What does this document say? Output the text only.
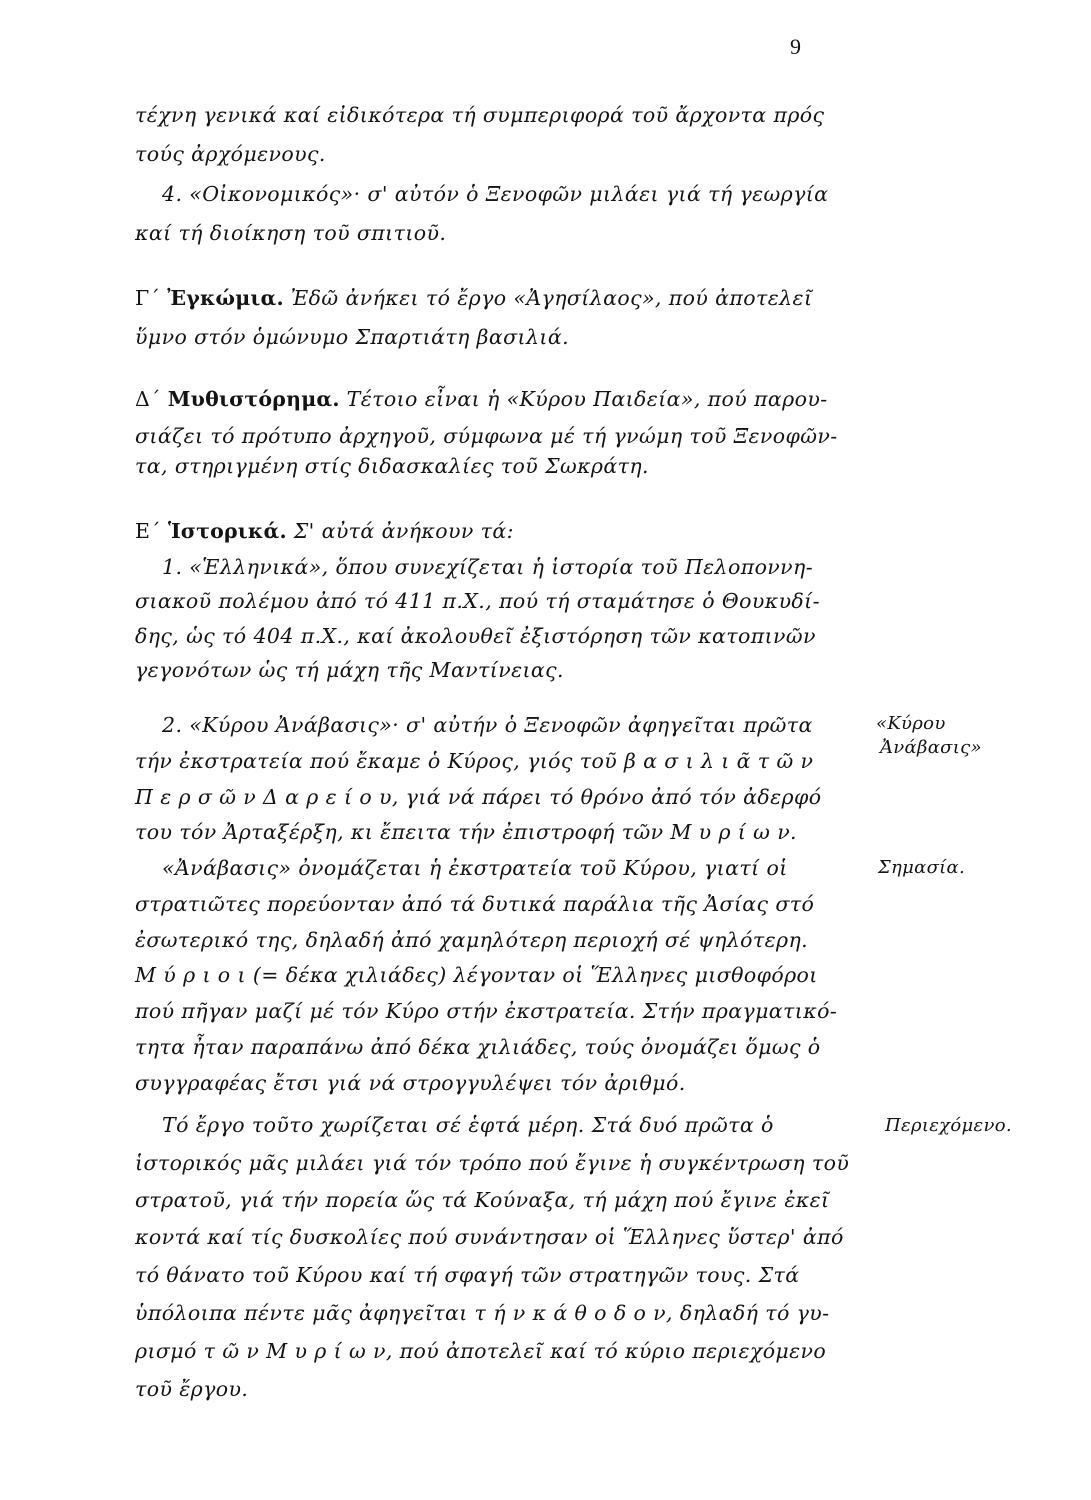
9
τέχνη γενικά καί εἰδικότερα τή συμπεριφορά τοῦ ἄρχοντα πρός
τούς ἀρχόμενους.
4. «Οἰκονομικός»· σ' αὐτόν ὁ Ξενοφῶν μιλάει γιά τή γεωργία
καί τή διοίκηση τοῦ σπιτιοῦ.
Γ΄ Ἐγκώμια. Ἐδῶ ἀνήκει τό ἔργο «Ἀγησίλαος», πού ἀποτελεῖ
ὕμνο στόν ὁμώνυμο Σπαρτιάτη βασιλιά.
Δ΄ Μυθιστόρημα. Τέτοιο εἶναι ἡ «Κύρου Παιδεία», πού παρου-
σιάζει τό πρότυπο ἀρχηγοῦ, σύμφωνα μέ τή γνώμη τοῦ Ξενοφῶν-
τα, στηριγμένη στίς διδασκαλίες τοῦ Σωκράτη.
Ε΄ Ἱστορικά. Σ' αὐτά ἀνήκουν τά:
1. «Ἑλληνικά», ὅπου συνεχίζεται ἡ ἱστορία τοῦ Πελοποννη-
σιακοῦ πολέμου ἀπό τό 411 π.Χ., πού τή σταμάτησε ὁ Θουκυδί-
δης, ὡς τό 404 π.Χ., καί ἀκολουθεῖ ἐξιστόρηση τῶν κατοπινῶν
γεγονότων ὡς τή μάχη τῆς Μαντίνειας.
2. «Κύρου Ἀνάβασις»· σ' αὐτήν ὁ Ξενοφῶν ἀφηγεῖται πρῶτα
τήν ἐκστρατεία πού ἔκαμε ὁ Κύρος, γιός τοῦ β α σ ι λ ι ᾶ τ ῶ ν
Π ε ρ σ ῶ ν Δ α ρ ε ί ο υ, γιά νά πάρει τό θρόνο ἀπό τόν ἀδερφό
του τόν Ἀρταξέρξη, κι ἔπειτα τήν ἐπιστροφή τῶν Μ υ ρ ί ω ν.
«Ἀνάβασις» ὀνομάζεται ἡ ἐκστρατεία τοῦ Κύρου, γιατί οἱ
στρατιῶτες πορεύονταν ἀπό τά δυτικά παράλια τῆς Ἀσίας στό
ἐσωτερικό της, δηλαδή ἀπό χαμηλότερη περιοχή σέ ψηλότερη.
Μ ύ ρ ι ο ι (= δέκα χιλιάδες) λέγονταν οἱ Ἕλληνες μισθοφόροι
πού πῆγαν μαζί μέ τόν Κύρο στήν ἐκστρατεία. Στήν πραγματικό-
τητα ἦταν παραπάνω ἀπό δέκα χιλιάδες, τούς ὀνομάζει ὅμως ὁ
συγγραφέας ἔτσι γιά νά στρογγυλέψει τόν ἀριθμό.
Τό ἔργο τοῦτο χωρίζεται σέ ἑφτά μέρη. Στά δυό πρῶτα ὁ
ἱστορικός μᾶς μιλάει γιά τόν τρόπο πού ἔγινε ἡ συγκέντρωση τοῦ
στρατοῦ, γιά τήν πορεία ὥς τά Κούναξα, τή μάχη πού ἔγινε ἐκεῖ
κοντά καί τίς δυσκολίες πού συνάντησαν οἱ Ἕλληνες ὕστερ' ἀπό
τό θάνατο τοῦ Κύρου καί τή σφαγή τῶν στρατηγῶν τους. Στά
ὑπόλοιπα πέντε μᾶς ἀφηγεῖται τ ή ν κ ά θ ο δ ο ν, δηλαδή τό γυ-
ρισμό τ ῶ ν Μ υ ρ ί ω ν, πού ἀποτελεῖ καί τό κύριο περιεχόμενο
τοῦ ἔργου.
«Κύρου
Ἀνάβασις»
Σημασία.
Περιεχόμενο.
